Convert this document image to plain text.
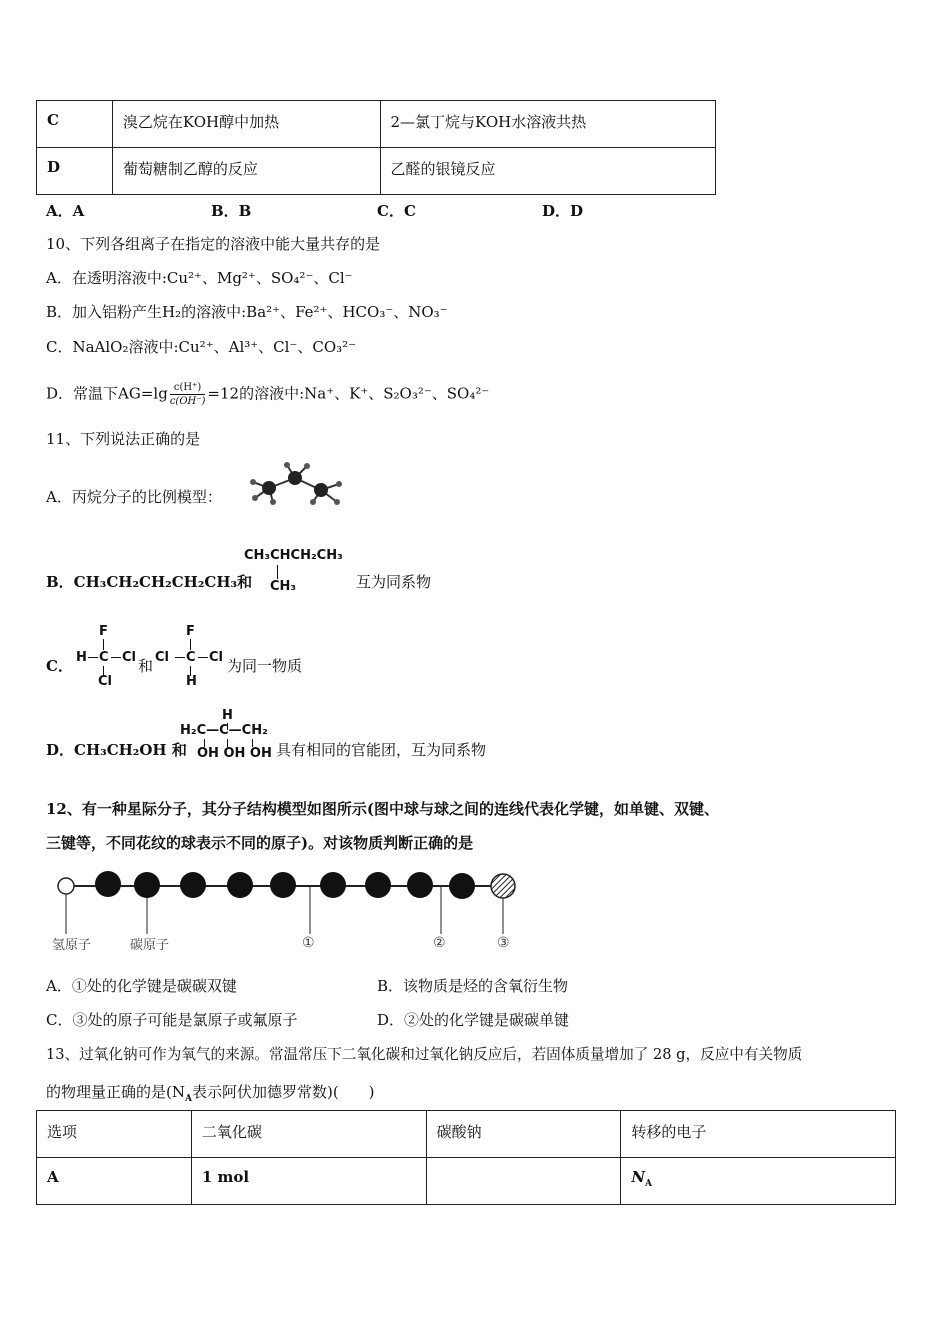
C	溴乙烷在KOH醇中加热	2—氯丁烷与KOH水溶液共热
D	葡萄糖制乙醇的反应	乙醛的银镜反应
A．A	B．B	C．C	D．D
10、下列各组离子在指定的溶液中能大量共存的是
A．在透明溶液中:Cu²⁺、Mg²⁺、SO₄²⁻、Cl⁻
B．加入铝粉产生H₂的溶液中:Ba²⁺、Fe²⁺、HCO₃⁻、NO₃⁻
C．NaAlO₂溶液中:Cu²⁺、Al³⁺、Cl⁻、CO₃²⁻
D．常温下$AG=\lg \frac{c(H^+)}{c(OH^-)} =12$的溶液中:Na⁺、K⁺、S₂O₃²⁻、SO₄²⁻
11、下列说法正确的是
A．丙烷分子的比例模型：
B．CH₃CH₂CH₂CH₂CH₃和
CH₃CHCH₂CH₃
CH₃	互为同系物
C．
F
H C Cl
Cl
和
F
Cl C Cl
H
为同一物质
D．CH₃CH₂OH 和
H
H₂C—C—CH₂
OH OH OH 具有相同的官能团，互为同系物
12、有一种星际分子，其分子结构模型如图所示(图中球与球之间的连线代表化学键，如单键、双键、
三键等，不同花纹的球表示不同的原子)。对该物质判断正确的是
氢原子	碳原子	①	②	③
A．①处的化学键是碳碳双键	B．该物质是烃的含氧衍生物
C．③处的原子可能是氯原子或氟原子	D．②处的化学键是碳碳单键
13、过氧化钠可作为氧气的来源。常温常压下二氧化碳和过氧化钠反应后，若固体质量增加了 28 g，反应中有关物质
的物理量正确的是($N_A$表示阿伏加德罗常数)(　　)
选项	二氧化碳	碳酸钠	转移的电子
A	1 mol		$N_A$
